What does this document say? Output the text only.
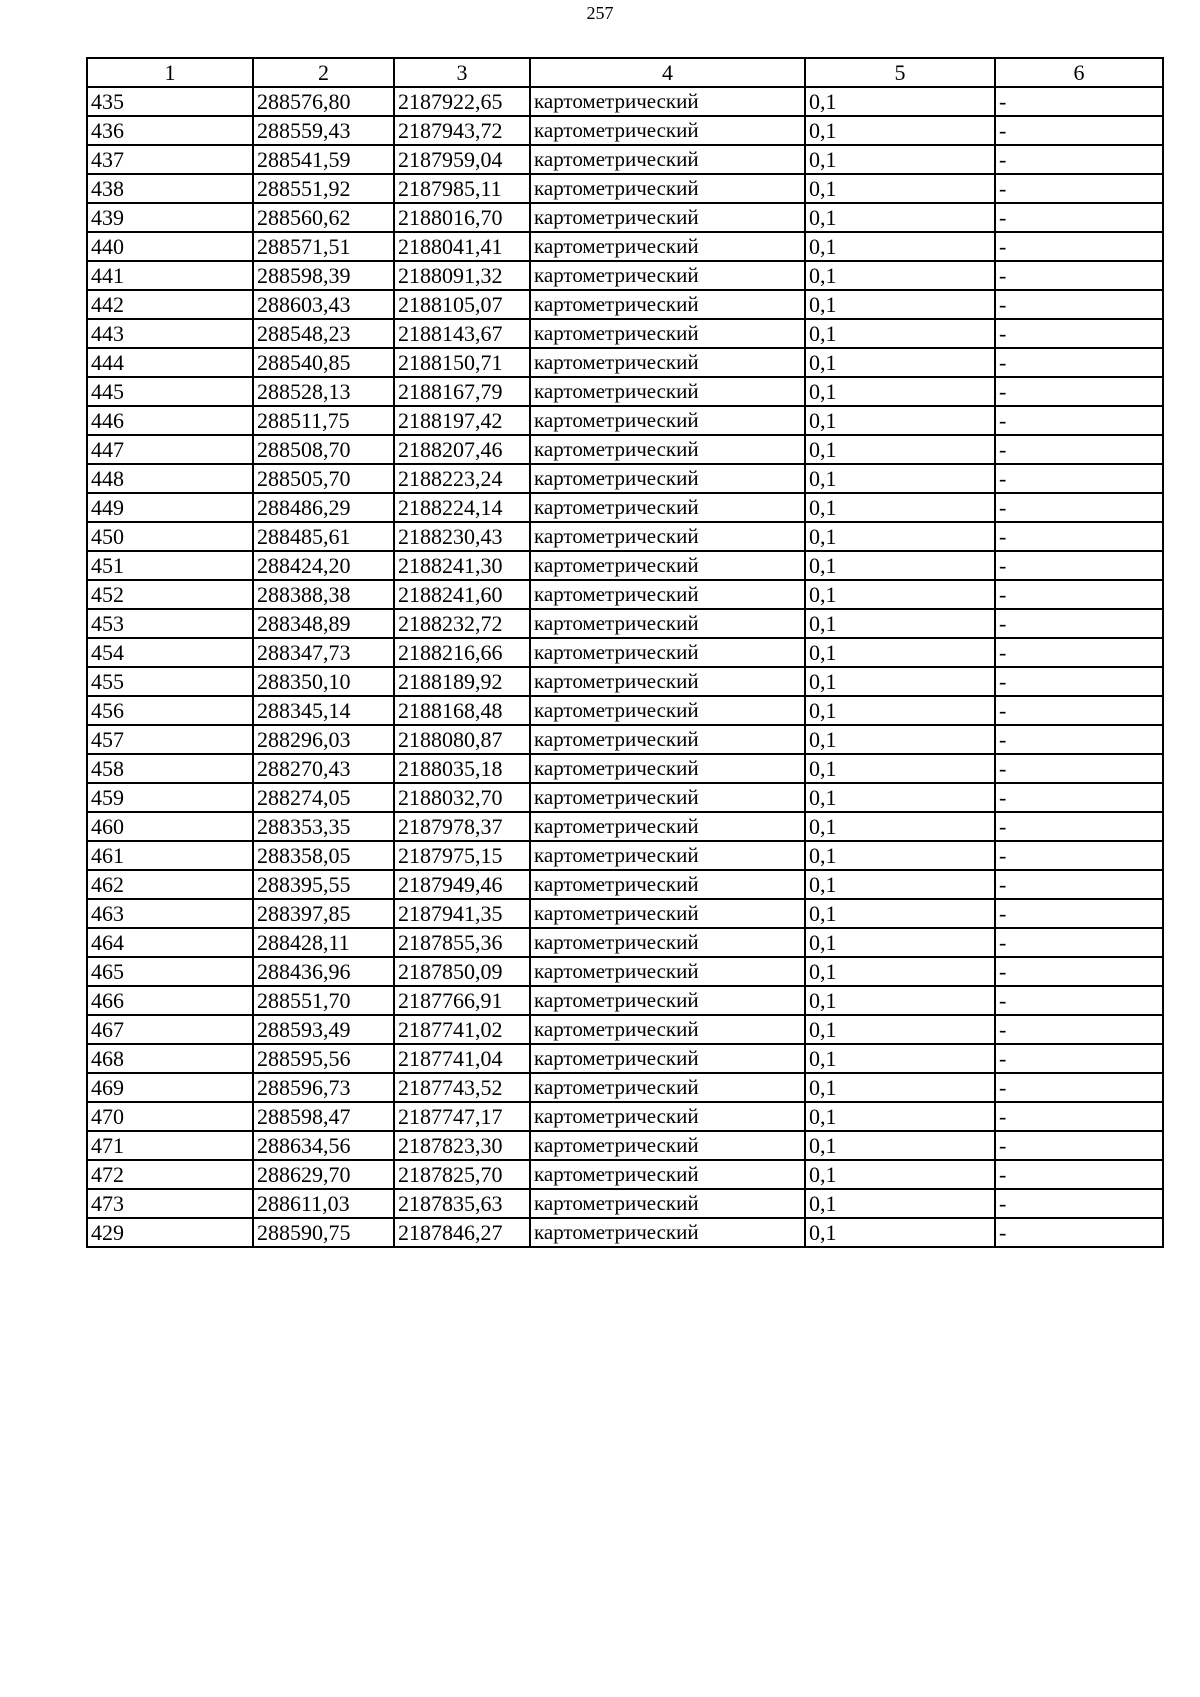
257
1	2	3	4	5	6
435	288576,80	2187922,65	картометрический	0,1	-
436	288559,43	2187943,72	картометрический	0,1	-
437	288541,59	2187959,04	картометрический	0,1	-
438	288551,92	2187985,11	картометрический	0,1	-
439	288560,62	2188016,70	картометрический	0,1	-
440	288571,51	2188041,41	картометрический	0,1	-
441	288598,39	2188091,32	картометрический	0,1	-
442	288603,43	2188105,07	картометрический	0,1	-
443	288548,23	2188143,67	картометрический	0,1	-
444	288540,85	2188150,71	картометрический	0,1	-
445	288528,13	2188167,79	картометрический	0,1	-
446	288511,75	2188197,42	картометрический	0,1	-
447	288508,70	2188207,46	картометрический	0,1	-
448	288505,70	2188223,24	картометрический	0,1	-
449	288486,29	2188224,14	картометрический	0,1	-
450	288485,61	2188230,43	картометрический	0,1	-
451	288424,20	2188241,30	картометрический	0,1	-
452	288388,38	2188241,60	картометрический	0,1	-
453	288348,89	2188232,72	картометрический	0,1	-
454	288347,73	2188216,66	картометрический	0,1	-
455	288350,10	2188189,92	картометрический	0,1	-
456	288345,14	2188168,48	картометрический	0,1	-
457	288296,03	2188080,87	картометрический	0,1	-
458	288270,43	2188035,18	картометрический	0,1	-
459	288274,05	2188032,70	картометрический	0,1	-
460	288353,35	2187978,37	картометрический	0,1	-
461	288358,05	2187975,15	картометрический	0,1	-
462	288395,55	2187949,46	картометрический	0,1	-
463	288397,85	2187941,35	картометрический	0,1	-
464	288428,11	2187855,36	картометрический	0,1	-
465	288436,96	2187850,09	картометрический	0,1	-
466	288551,70	2187766,91	картометрический	0,1	-
467	288593,49	2187741,02	картометрический	0,1	-
468	288595,56	2187741,04	картометрический	0,1	-
469	288596,73	2187743,52	картометрический	0,1	-
470	288598,47	2187747,17	картометрический	0,1	-
471	288634,56	2187823,30	картометрический	0,1	-
472	288629,70	2187825,70	картометрический	0,1	-
473	288611,03	2187835,63	картометрический	0,1	-
429	288590,75	2187846,27	картометрический	0,1	-
